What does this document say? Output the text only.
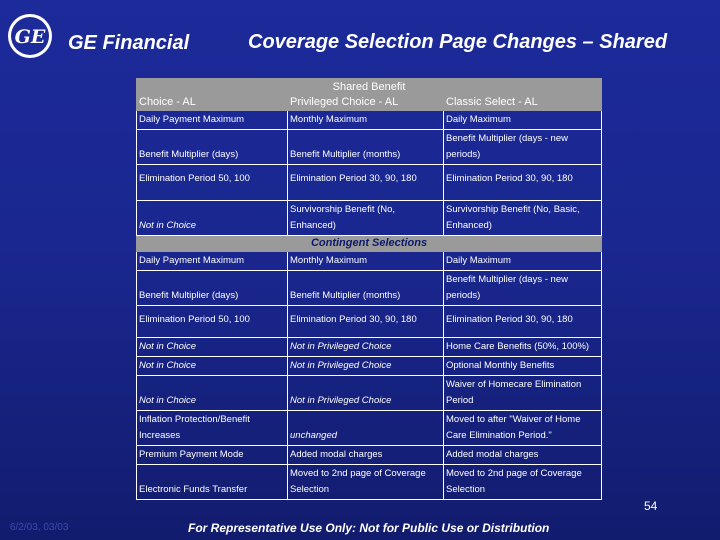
GE GE Financial	Coverage Selection Page Changes – Shared
Shared Benefit		
Choice - AL	Privileged Choice - AL	Classic Select - AL
Daily Payment Maximum	Monthly Maximum	Daily Maximum
Benefit Multiplier (days)	Benefit Multiplier (months)	Benefit Multiplier (days - new periods)
Elimination Period 50, 100	Elimination Period 30, 90, 180	Elimination Period 30, 90, 180
Not in Choice	Survivorship Benefit (No, Enhanced)	Survivorship Benefit (No, Basic, Enhanced)
Contingent Selections		
Daily Payment Maximum	Monthly Maximum	Daily Maximum
Benefit Multiplier (days)	Benefit Multiplier (months)	Benefit Multiplier (days - new periods)
Elimination Period 50, 100	Elimination Period 30, 90, 180	Elimination Period 30, 90, 180
Not in Choice	Not in Privileged Choice	Home Care Benefits (50%, 100%)
Not in Choice	Not in Privileged Choice	Optional Monthly Benefits
Not in Choice	Not in Privileged Choice	Waiver of Homecare Elimination Period
Inflation Protection/Benefit Increases	unchanged	Moved to after "Waiver of Home Care Elimination Period."
Premium Payment Mode	Added modal charges	Added modal charges
Electronic Funds Transfer	Moved to 2nd page of Coverage Selection	Moved to 2nd page of Coverage Selection
54
6/2/03, 03/03	For Representative Use Only: Not for Public Use or Distribution
